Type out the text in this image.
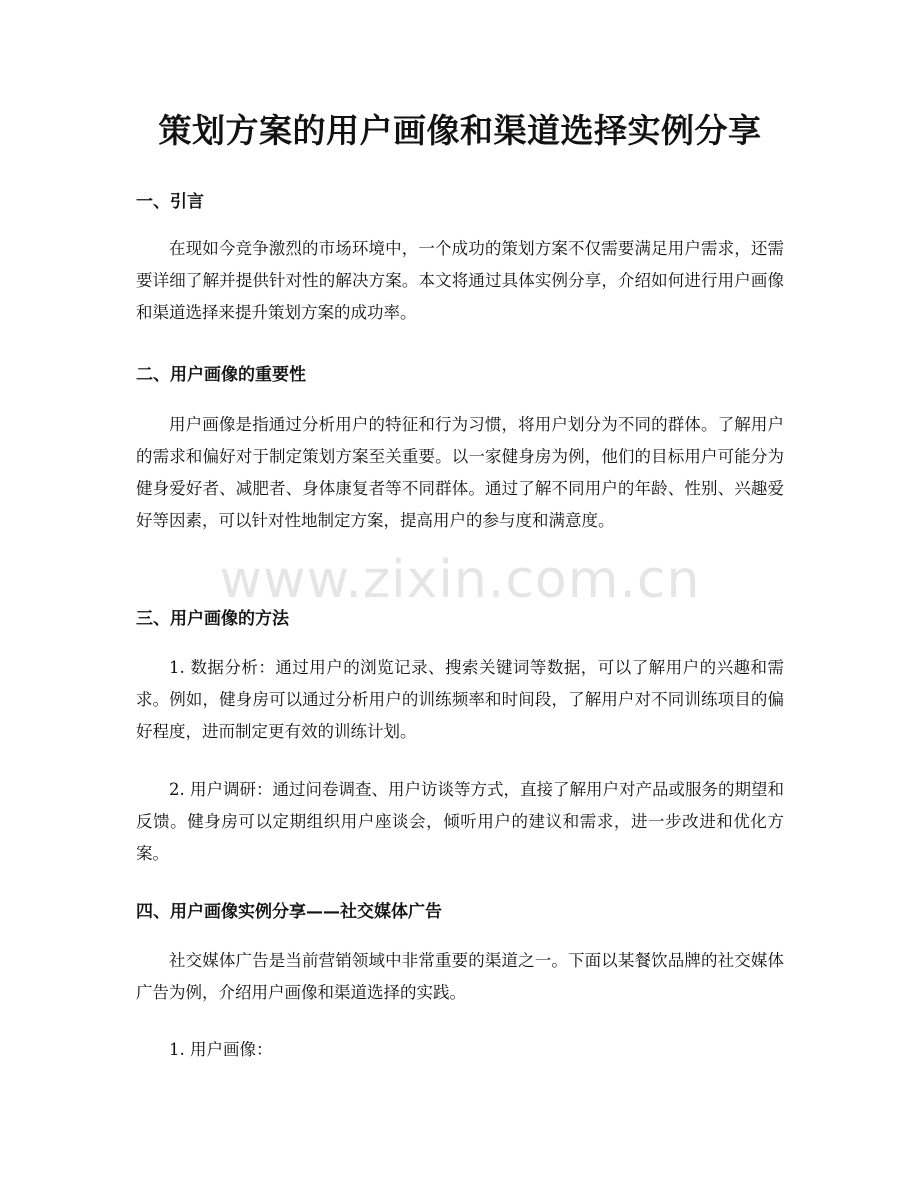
策划方案的用户画像和渠道选择实例分享
一、引言

在现如今竞争激烈的市场环境中，一个成功的策划方案不仅需要满足用户需求，还需要详细了解并提供针对性的解决方案。本文将通过具体实例分享，介绍如何进行用户画像和渠道选择来提升策划方案的成功率。

二、用户画像的重要性

用户画像是指通过分析用户的特征和行为习惯，将用户划分为不同的群体。了解用户的需求和偏好对于制定策划方案至关重要。以一家健身房为例，他们的目标用户可能分为健身爱好者、减肥者、身体康复者等不同群体。通过了解不同用户的年龄、性别、兴趣爱好等因素，可以针对性地制定方案，提高用户的参与度和满意度。

www.zixin.com.cn
三、用户画像的方法

1. 数据分析：通过用户的浏览记录、搜索关键词等数据，可以了解用户的兴趣和需求。例如，健身房可以通过分析用户的训练频率和时间段，了解用户对不同训练项目的偏好程度，进而制定更有效的训练计划。

2. 用户调研：通过问卷调查、用户访谈等方式，直接了解用户对产品或服务的期望和反馈。健身房可以定期组织用户座谈会，倾听用户的建议和需求，进一步改进和优化方案。

四、用户画像实例分享——社交媒体广告

社交媒体广告是当前营销领域中非常重要的渠道之一。下面以某餐饮品牌的社交媒体广告为例，介绍用户画像和渠道选择的实践。

1. 用户画像：
